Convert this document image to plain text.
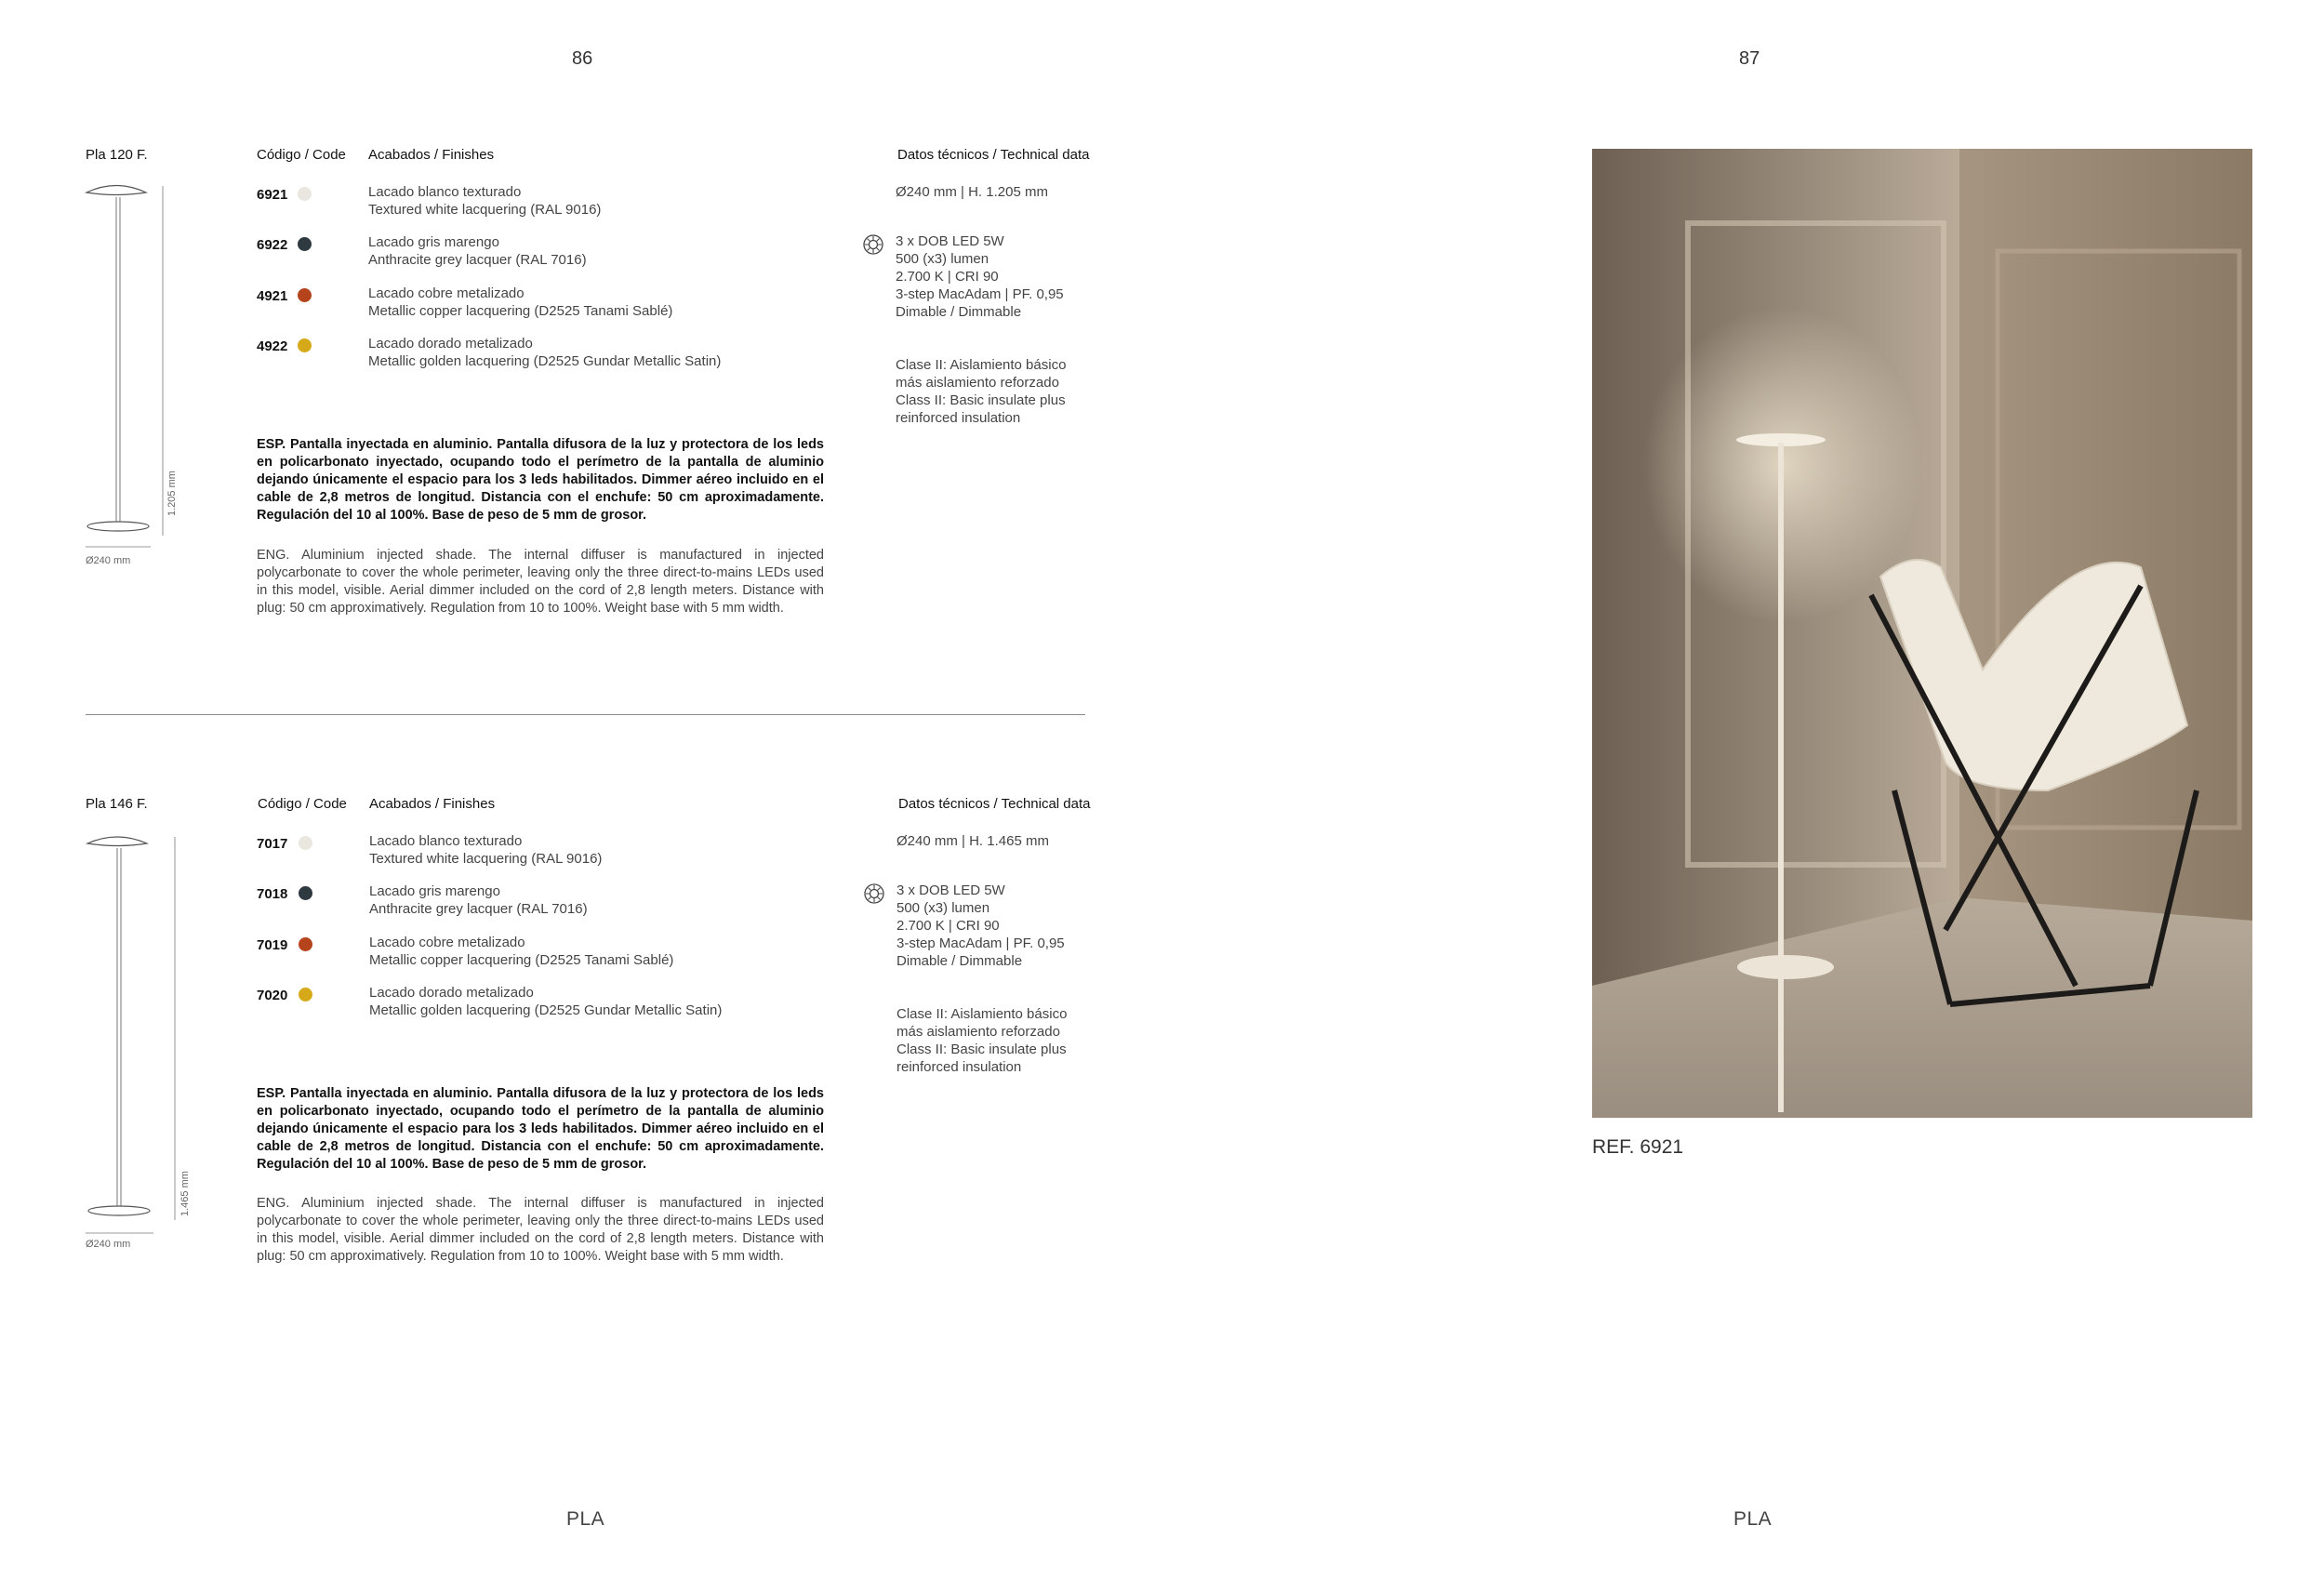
86	87
Pla 120 F.	Código / Code Acabados / Finishes	Datos técnicos / Technical data
1.205 mm
Ø240 mm
6921	Lacado blanco texturado
Textured white lacquering (RAL 9016)
6922	Lacado gris marengo
Anthracite grey lacquer (RAL 7016)
4921	Lacado cobre metalizado
Metallic copper lacquering (D2525 Tanami Sablé)
4922	Lacado dorado metalizado
Metallic golden lacquering (D2525 Gundar Metallic Satin)
Ø240 mm | H. 1.205 mm
3 x DOB LED 5W
500 (x3) lumen
2.700 K | CRI 90
3-step MacAdam | PF. 0,95
Dimable / Dimmable
Clase II: Aislamiento básico
más aislamiento reforzado
Class II: Basic insulate plus
reinforced insulation
ESP. Pantalla inyectada en aluminio. Pantalla difusora de la luz y protectora de los leds en policarbonato inyectado, ocupando todo el perímetro de la pantalla de aluminio dejando únicamente el espacio para los 3 leds habilitados. Dimmer aéreo incluido en el cable de 2,8 metros de longitud. Distancia con el enchufe: 50 cm aproximadamente. Regulación del 10 al 100%. Base de peso de 5 mm de grosor.
ENG. Aluminium injected shade. The internal diffuser is manufactured in injected polycarbonate to cover the whole perimeter, leaving only the three direct-to-mains LEDs used in this model, visible. Aerial dimmer included on the cord of 2,8 length meters. Distance with plug: 50 cm approximatively. Regulation from 10 to 100%. Weight base with 5 mm width.
Pla 146 F.	Código / Code Acabados / Finishes	Datos técnicos / Technical data
1.465 mm
Ø240 mm
7017	Lacado blanco texturado
Textured white lacquering (RAL 9016)
7018	Lacado gris marengo
Anthracite grey lacquer (RAL 7016)
7019	Lacado cobre metalizado
Metallic copper lacquering (D2525 Tanami Sablé)
7020	Lacado dorado metalizado
Metallic golden lacquering (D2525 Gundar Metallic Satin)
Ø240 mm | H. 1.465 mm
3 x DOB LED 5W
500 (x3) lumen
2.700 K | CRI 90
3-step MacAdam | PF. 0,95
Dimable / Dimmable
Clase II: Aislamiento básico
más aislamiento reforzado
Class II: Basic insulate plus
reinforced insulation
ESP. Pantalla inyectada en aluminio. Pantalla difusora de la luz y protectora de los leds en policarbonato inyectado, ocupando todo el perímetro de la pantalla de aluminio dejando únicamente el espacio para los 3 leds habilitados. Dimmer aéreo incluido en el cable de 2,8 metros de longitud. Distancia con el enchufe: 50 cm aproximadamente. Regulación del 10 al 100%. Base de peso de 5 mm de grosor.
ENG. Aluminium injected shade. The internal diffuser is manufactured in injected polycarbonate to cover the whole perimeter, leaving only the three direct-to-mains LEDs used in this model, visible. Aerial dimmer included on the cord of 2,8 length meters. Distance with plug: 50 cm approximatively. Regulation from 10 to 100%. Weight base with 5 mm width.
PLA
REF. 6921
PLA
